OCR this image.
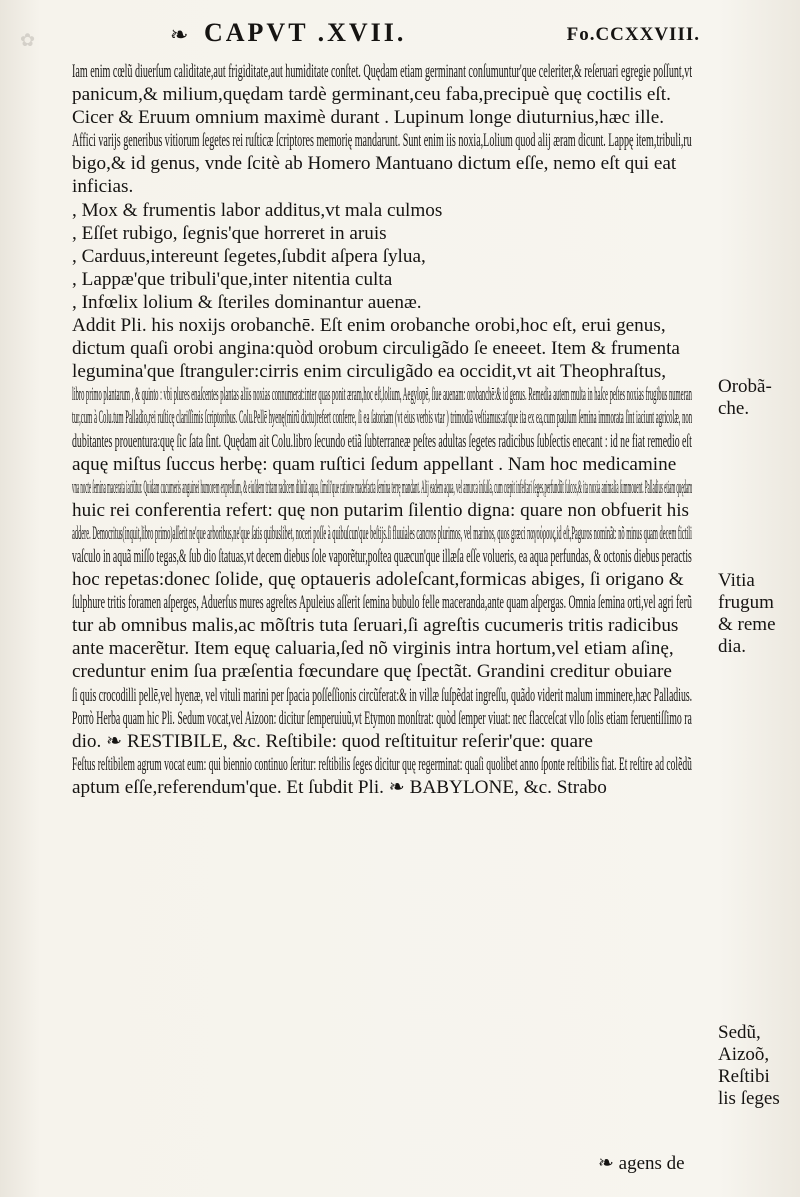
❧ CAPVT .XVII.	Fo.CCXXVIII.
✿
Iam enim cœlũ diuerſum caliditate,aut frigiditate,aut humiditate conſtet. Quędam etiam germinant conſumuntur'que celeriter,& reſeruari egregie poſſunt,vt
panicum,& milium,quędam tardè germinant,ceu faba,precipuè quę coctilis eſt.
Cicer & Eruum omnium maximè durant . Lupinum longe diuturnius,hæc ille.
Affici varijs generibus vitiorum ſegetes rei ruſticæ ſcriptores memorię mandarunt. Sunt enim iis noxia,Lolium quod alij æram dicunt. Lappę item,tribuli,ru
bigo,& id genus, vnde ſcitè ab Homero Mantuano dictum eſſe, nemo eſt qui eat
inficias.
, Mox & frumentis labor additus,vt mala culmos
, Eſſet rubigo, ſegnis'que horreret in aruis
, Carduus,intereunt ſegetes,ſubdit aſpera ſylua,
, Lappæ'que tribuli'que,inter nitentia culta
, Infœlix lolium & ſteriles dominantur auenæ.
Addit Pli. his noxijs orobanchē. Eſt enim orobanche orobi,hoc eſt, erui genus,
dictum quaſi orobi angina:quòd orobum circuligãdo ſe eneeet. Item & frumenta
legumina'que ſtranguler:cirris enim circuligãdo ea occidit,vt ait Theophraſtus,
libro primo plantarum , & quinto : vbi plures enaſcentes plantas aliis noxias connumerat:inter quas ponit æram,hoc eſt,lolium, Aegylopē, ſiue auenam: orobanchē:& id genus. Remedia autem multa in haſce peſtes noxias frugibus numeran
tur,cum à Colu.tum Palladio,rei ruſticę clariſſimis ſcriptoribus. Colu.Pellē hyenę(mirũ dictu)refert conferre, ſi ea ſatoriam (vt eius verbis vtar ) trimodiã veſtiamus:at'que ita ex ea,cum paulum ſemina immorata ſint iaciunt agricolæ, non
dubitantes prouentura:quę ſic ſata ſint. Quędam ait Colu.libro ſecundo etiã ſubterraneæ peſtes adultas ſegetes radicibus ſubſectis enecant : id ne fiat remedio eſt
aquę miſtus ſuccus herbę: quam ruſtici ſedum appellant . Nam hoc medicamine
vna nocte ſemina macerata iaciũtur. Quidam cucumeris anguinei humorem expreſſum, & eiuſdem tritam radicem diluũt aqua, ſimili'que ratione madefacta ſemina terrę mandant. Alij eadem aqua, vel amurca inſulſa, cum cœpit infeſtari ſeges,perfundũt ſulcos,& ita noxia animalia ſummouent. Palladius etiam quędam
huic rei conferentia refert: quę non putarim ſilentio digna: quare non obfuerit his
addere. Democritus(inquit,libro primo)aſſerit ne'que arboribus,ne'que ſatis quibuslibet, noceri poſſe à quibuſcun'que beſtijs.ſi fluuiales cancros plurimos, vel marinos, quos græci παγούρους,id eſt,Paguros nominãt: nõ minus quam decem fictili
vaſculo in aquã miſſo tegas,& ſub dio ſtatuas,vt decem diebus ſole vaporẽtur,poſtea quæcun'que illæſa eſſe volueris, ea aqua perfundas, & octonis diebus peractis
hoc repetas:donec ſolide, quę optaueris adoleſcant,formicas abiges, ſi origano &
ſulphure tritis foramen aſperges, Aduerſus mures agreſtes Apuleius aſſerit ſemina bubulo felle maceranda,ante quam aſpergas. Omnia ſemina orti,vel agri ferũ
tur ab omnibus malis,ac mõſtris tuta ſeruari,ſi agreſtis cucumeris tritis radicibus
ante macerẽtur. Item equę caluaria,ſed nõ virginis intra hortum,vel etiam aſinę,
creduntur enim ſua præſentia fœcundare quę ſpectãt. Grandini creditur obuiare
ſi quis crocodilli pellē,vel hyenæ, vel vituli marini per ſpacia poſſeſſionis circũferat:& in villæ ſuſpẽdat ingreſſu, quãdo viderit malum imminere,hæc Palladius.
Porrò Herba quam hic Pli. Sedum vocat,vel Aizoon: dicitur ſemperuiuũ,vt Etymon monſtrat: quòd ſemper viuat: nec flacceſcat vllo ſolis etiam feruentiſſimo ra
dio. ❧ RESTIBILE, &c. Reſtibile: quod reſtituitur reſerir'que: quare
Feſtus reſtibilem agrum vocat eum: qui biennio continuo ſeritur: reſtibilis ſeges dicitur quę regerminat: quaſi quolibet anno ſponte reſtibilis fiat. Et reſtire ad colẽdũ
aptum eſſe,referendum'que. Et ſubdit Pli. ❧ BABYLONE, &c. Strabo
Orobã-
che.
Vitia
frugum
& reme
dia.
Sedũ,
Aizoõ,
Reſtibi
lis ſeges
❧ agens de
